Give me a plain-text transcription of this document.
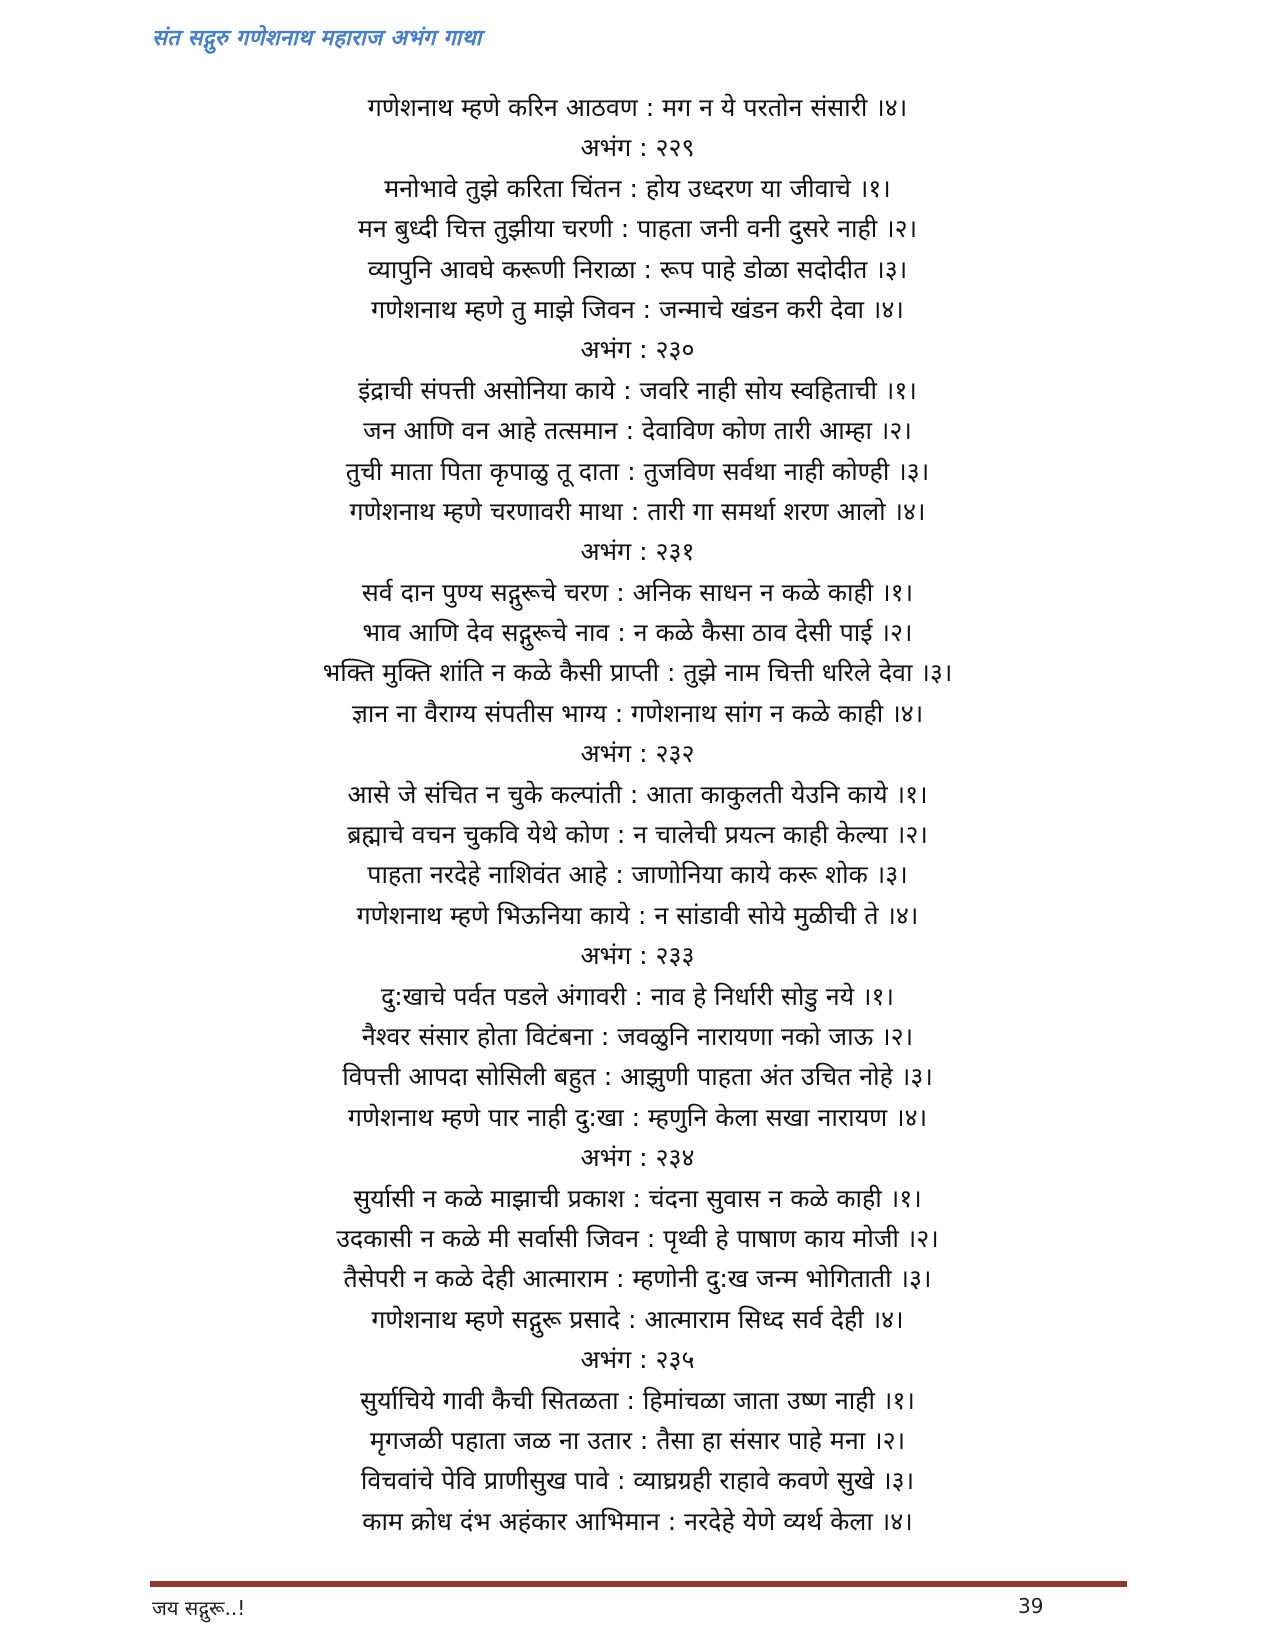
संत सद्गुरु गणेशनाथ महाराज अभंग गाथा
गणेशनाथ म्हणे करिन आठवण : मग न ये परतोन संसारी ।४।
अभंग : २२९
मनोभावे तुझे करिता चिंतन : होय उध्दरण या जीवाचे ।१।
मन बुध्दी चित्त तुझीया चरणी : पाहता जनी वनी दुसरे नाही ।२।
व्यापुनि आवघे करूणी निराळा : रूप पाहे डोळा सदोदीत ।३।
गणेशनाथ म्हणे तु माझे जिवन : जन्माचे खंडन करी देवा ।४।
अभंग : २३०
इंद्राची संपत्ती असोनिया काये : जवरि नाही सोय स्वहिताची ।१।
जन आणि वन आहे तत्समान : देवाविण कोण तारी आम्हा ।२।
तुची माता पिता कृपाळु तू दाता : तुजविण सर्वथा नाही कोण्ही ।३।
गणेशनाथ म्हणे चरणावरी माथा : तारी गा समर्था शरण आलो ।४।
अभंग : २३१
सर्व दान पुण्य सद्गुरूचे चरण : अनिक साधन न कळे काही ।१।
भाव आणि देव सद्गुरूचे नाव : न कळे कैसा ठाव देसी पाई ।२।
भक्ति मुक्ति शांति न कळे कैसी प्राप्ती : तुझे नाम चित्ती धरिले देवा ।३।
ज्ञान ना वैराग्य संपतीस भाग्य : गणेशनाथ सांग न कळे काही ।४।
अभंग : २३२
आसे जे संचित न चुके कल्पांती : आता काकुलती येउनि काये ।१।
ब्रह्माचे वचन चुकवि येथे कोण : न चालेची प्रयत्न काही केल्या ।२।
पाहता नरदेहे नाशिवंत आहे : जाणोनिया काये करू शोक ।३।
गणेशनाथ म्हणे भिऊनिया काये : न सांडावी सोये मुळीची ते ।४।
अभंग : २३३
दु:खाचे पर्वत पडले अंगावरी : नाव हे निर्धारी सोडु नये ।१।
नैश्वर संसार होता विटंबना : जवळुनि नारायणा नको जाऊ ।२।
विपत्ती आपदा सोसिली बहुत : आझुणी पाहता अंत उचित नोहे ।३।
गणेशनाथ म्हणे पार नाही दु:खा : म्हणुनि केला सखा नारायण ।४।
अभंग : २३४
सुर्यासी न कळे माझाची प्रकाश : चंदना सुवास न कळे काही ।१।
उदकासी न कळे मी सर्वासी जिवन : पृथ्वी हे पाषाण काय मोजी ।२।
तैसेपरी न कळे देही आत्माराम : म्हणोनी दु:ख जन्म भोगिताती ।३।
गणेशनाथ म्हणे सद्गुरू प्रसादे : आत्माराम सिध्द सर्व देही ।४।
अभंग : २३५
सुर्याचिये गावी कैची सितळता : हिमांचळा जाता उष्ण नाही ।१।
मृगजळी पहाता जळ ना उतार : तैसा हा संसार पाहे मना ।२।
विचवांचे पेवि प्राणीसुख पावे : व्याघ्रग्रही राहावे कवणे सुखे ।३।
काम क्रोध दंभ अहंकार आभिमान : नरदेहे येणे व्यर्थ केला ।४।
जय सद्गुरू..!	39
